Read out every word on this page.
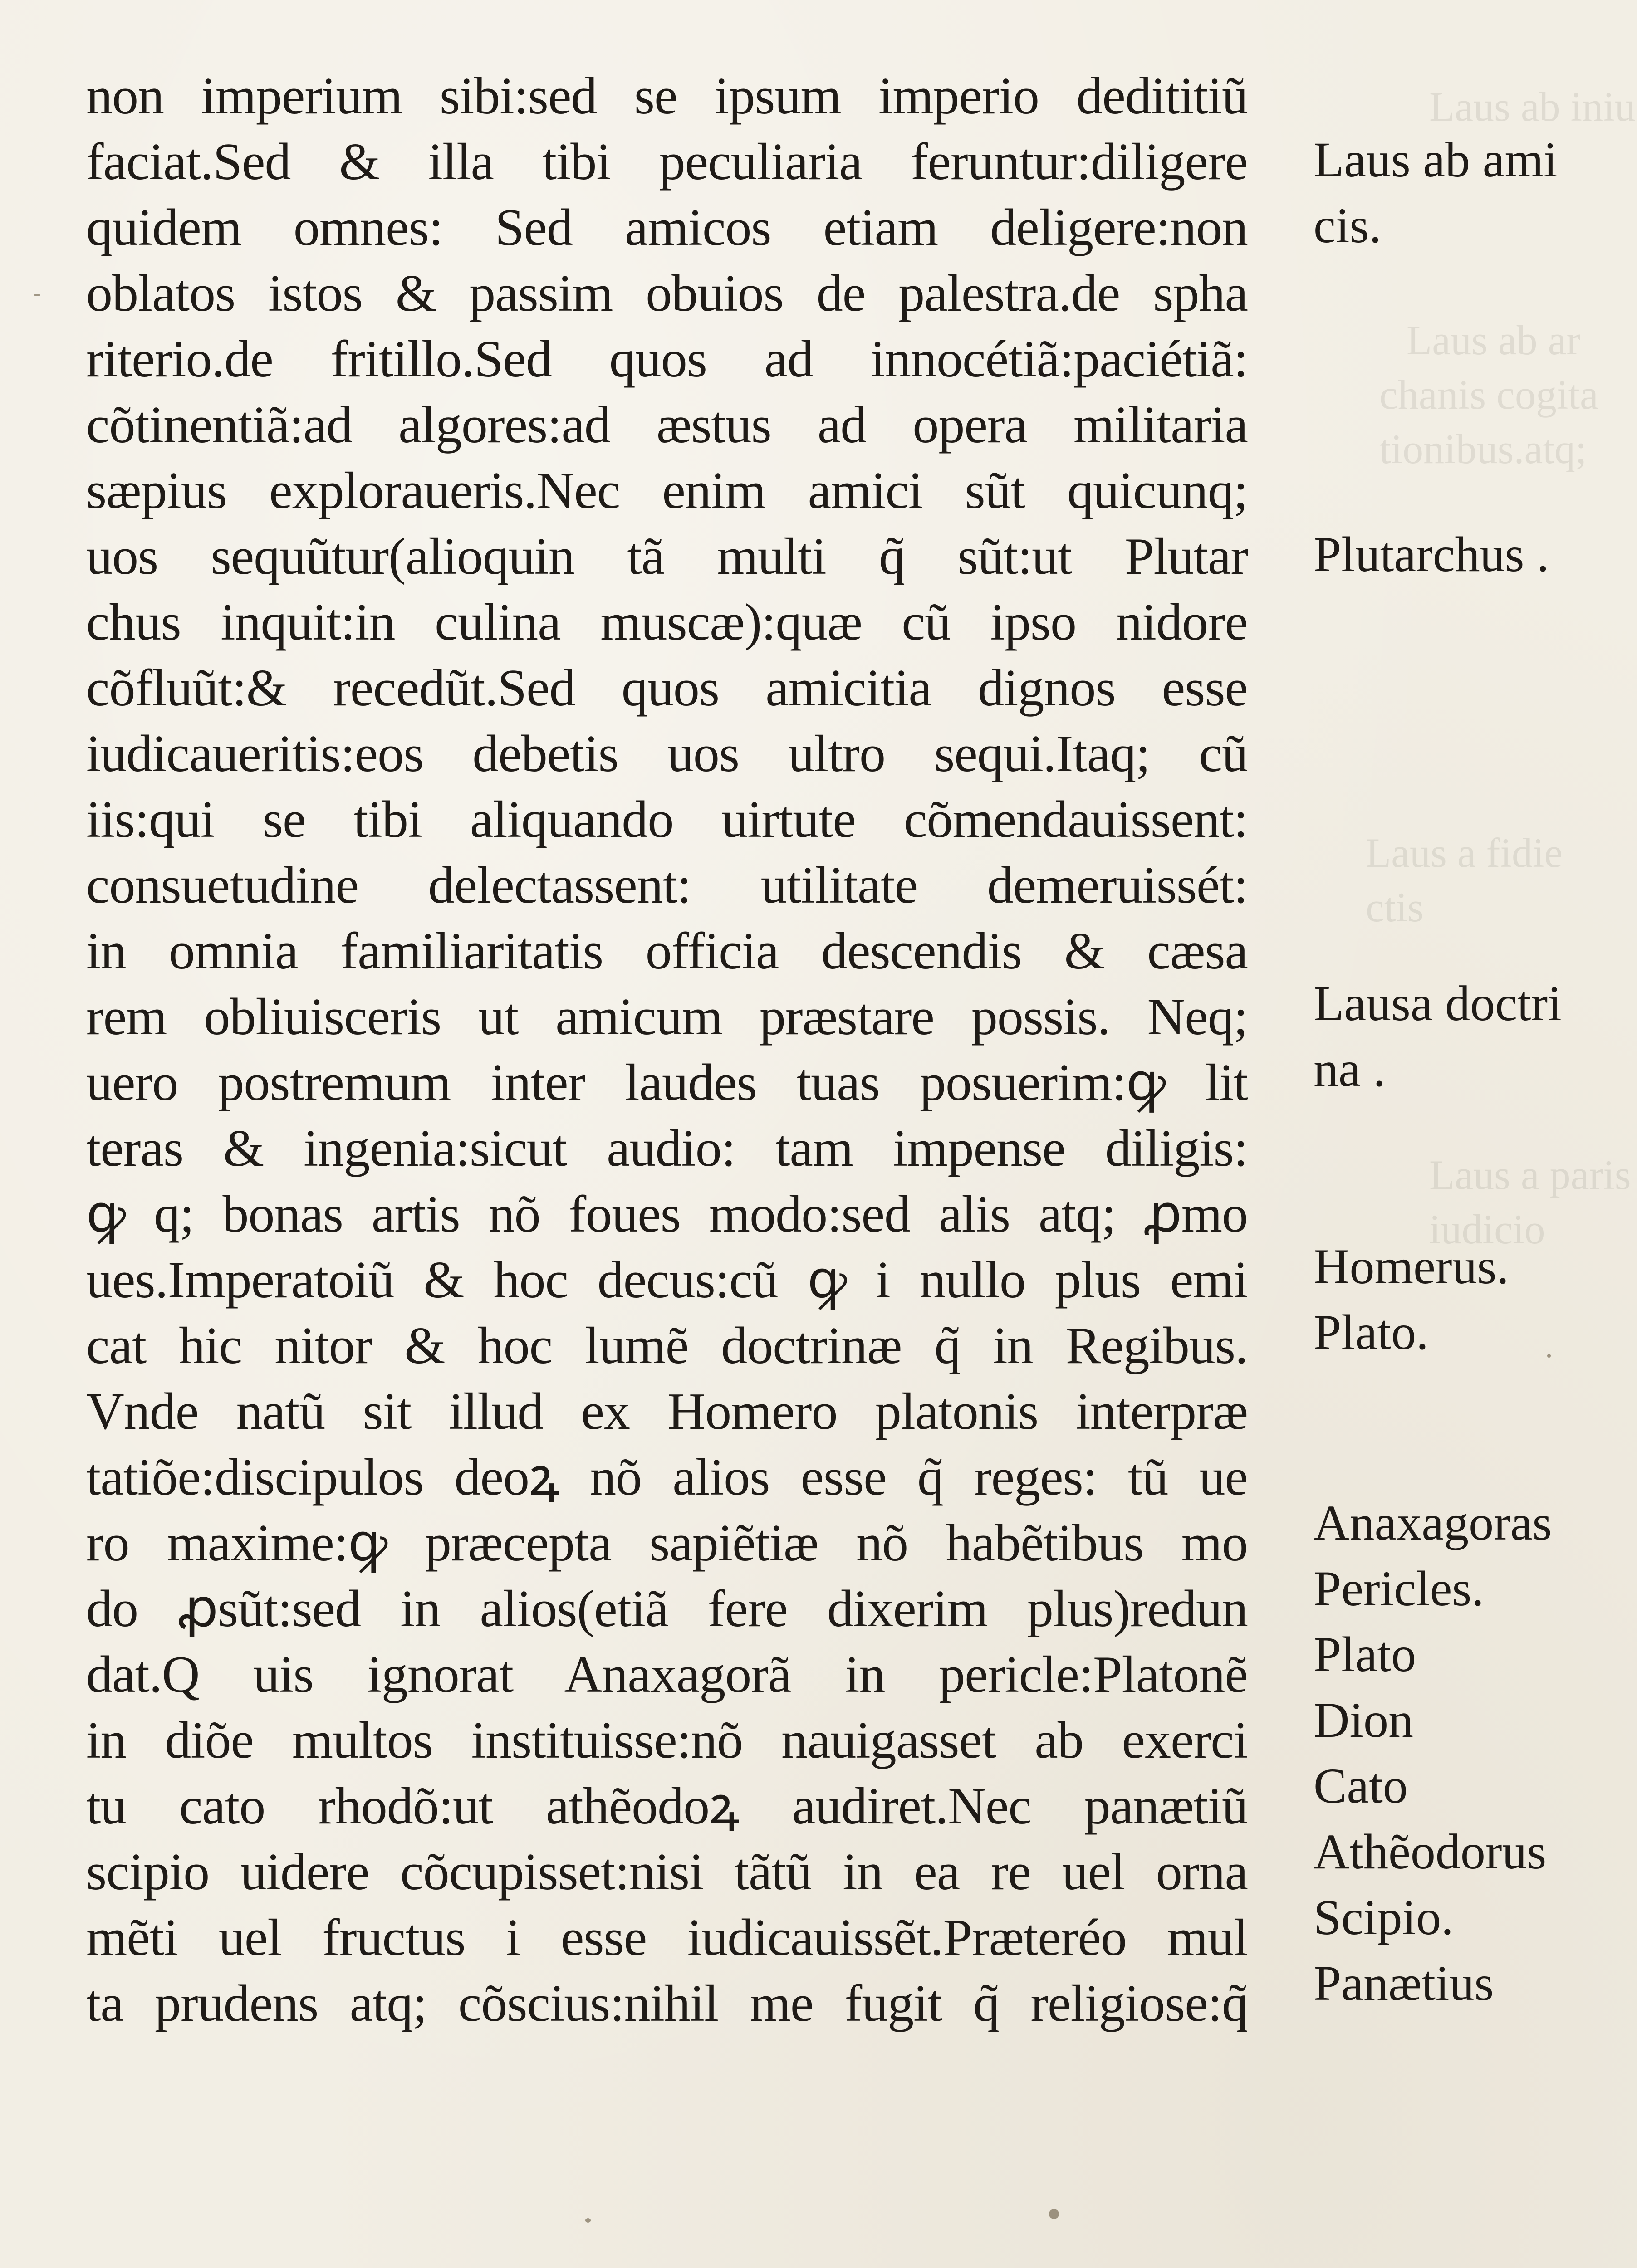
Laus ab iniu
Laus ab ar
chanis cogita
tionibus.atq;
Laus a fidie
ctis
Laus a paris
iudicio
non imperium sibi:sed se ipsum imperio dedititiũ
faciat.Sed & illa tibi peculiaria feruntur:diligere
quidem omnes: Sed amicos etiam deligere:non
oblatos istos & passim obuios de palestra.de spha
riterio.de fritillo.Sed quos ad innocétiã:paciétiã:
cõtinentiã:ad algores:ad æstus ad opera militaria
sæpius exploraueris.Nec enim amici sũt quicunq;
uos sequũtur(alioquin tã multi q̃ sũt:ut Plutar
chus inquit:in culina muscæ):quæ cũ ipso nidore
cõfluũt:& recedũt.Sed quos amicitia dignos esse
iudicaueritis:eos debetis uos ultro sequi.Itaq; cũ
iis:qui se tibi aliquando uirtute cõmendauissent:
consuetudine delectassent: utilitate demeruissét:
in omnia familiaritatis officia descendis & cæsa
rem obliuisceris ut amicum præstare possis. Neq;
uero postremum inter laudes tuas posuerim:ꝙ lit
teras & ingenia:sicut audio: tam impense diligis:
ꝙ q; bonas artis nõ foues modo:sed alis atq; ꝓmo
ues.Imperatoiũ & hoc decus:cũ ꝙ i nullo plus emi
cat hic nitor & hoc lumẽ doctrinæ q̃ in Regibus.
Vnde natũ sit illud ex Homero platonis interpræ
tatiõe:discipulos deoꝝ nõ alios esse q̃ reges: tũ ue
ro maxime:ꝙ præcepta sapiẽtiæ nõ habẽtibus mo
do ꝓsũt:sed in alios(etiã fere dixerim plus)redun
dat.Q uis ignorat Anaxagorã in pericle:Platonẽ
in diõe multos instituisse:nõ nauigasset ab exerci
tu cato rhodõ:ut athẽodoꝝ audiret.Nec panætiũ
scipio uidere cõcupisset:nisi tãtũ in ea re uel orna
mẽti uel fructus i esse iudicauissẽt.Præteréo mul
ta prudens atq; cõscius:nihil me fugit q̃ religiose:q̃
Laus ab ami
cis.
Plutarchus .
Lausa doctri
na .
Homerus.
Plato.
Anaxagoras
Pericles.
Plato
Dion
Cato
Athẽodorus
Scipio.
Panætius
